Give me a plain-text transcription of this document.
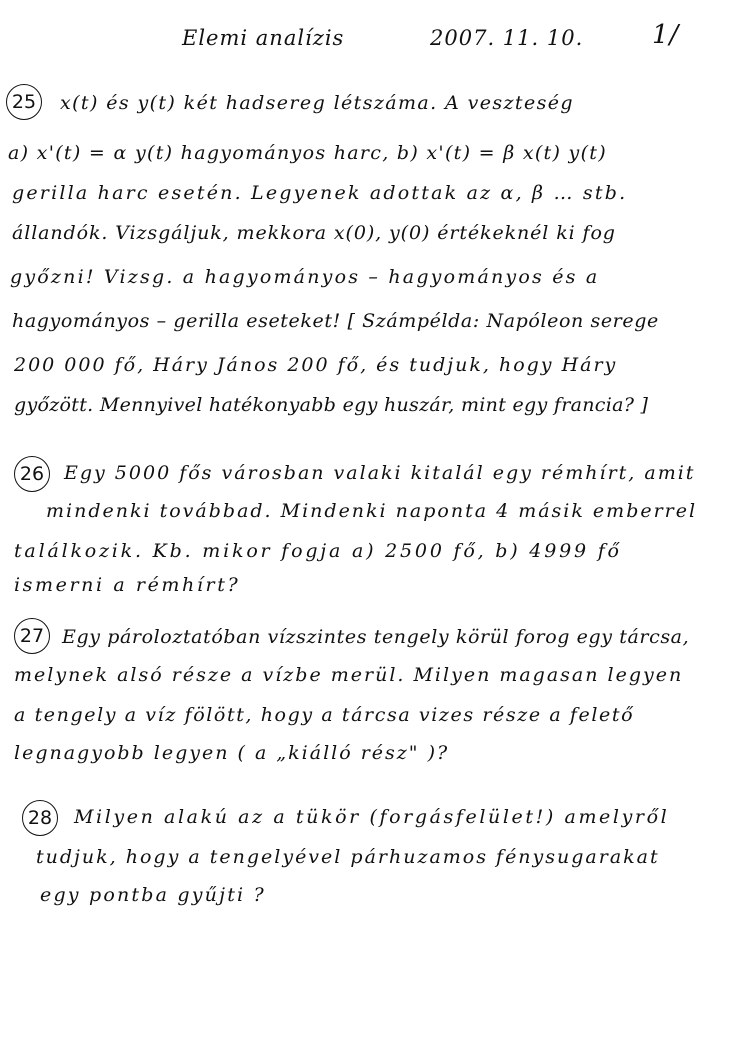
Elemi analízis	2007. 11. 10.	1/
25	x(t) és y(t) két hadsereg létszáma. A veszteség
a) x'(t) = α y(t) hagyományos harc, b) x'(t) = β x(t) y(t)
gerilla harc esetén. Legyenek adottak az α, β … stb.
állandók. Vizsgáljuk, mekkora x(0), y(0) értékeknél ki fog
győzni! Vizsg. a hagyományos – hagyományos és a
hagyományos – gerilla eseteket! [ Számpélda: Napóleon serege
200 000 fő, Háry János 200 fő, és tudjuk, hogy Háry
győzött. Mennyivel hatékonyabb egy huszár, mint egy francia? ]
26	Egy 5000 fős városban valaki kitalál egy rémhírt, amit
mindenki továbbad. Mindenki naponta 4 másik emberrel
találkozik. Kb. mikor fogja a) 2500 fő, b) 4999 fő
ismerni a rémhírt?
27 Egy pároloztatóban vízszintes tengely körül forog egy tárcsa,
melynek alsó része a vízbe merül. Milyen magasan legyen
a tengely a víz fölött, hogy a tárcsa vizes része a felető
legnagyobb legyen ( a „kiálló rész" )?
28	Milyen alakú az a tükör (forgásfelület!) amelyről
tudjuk, hogy a tengelyével párhuzamos fénysugarakat
egy pontba gyűjti ?
